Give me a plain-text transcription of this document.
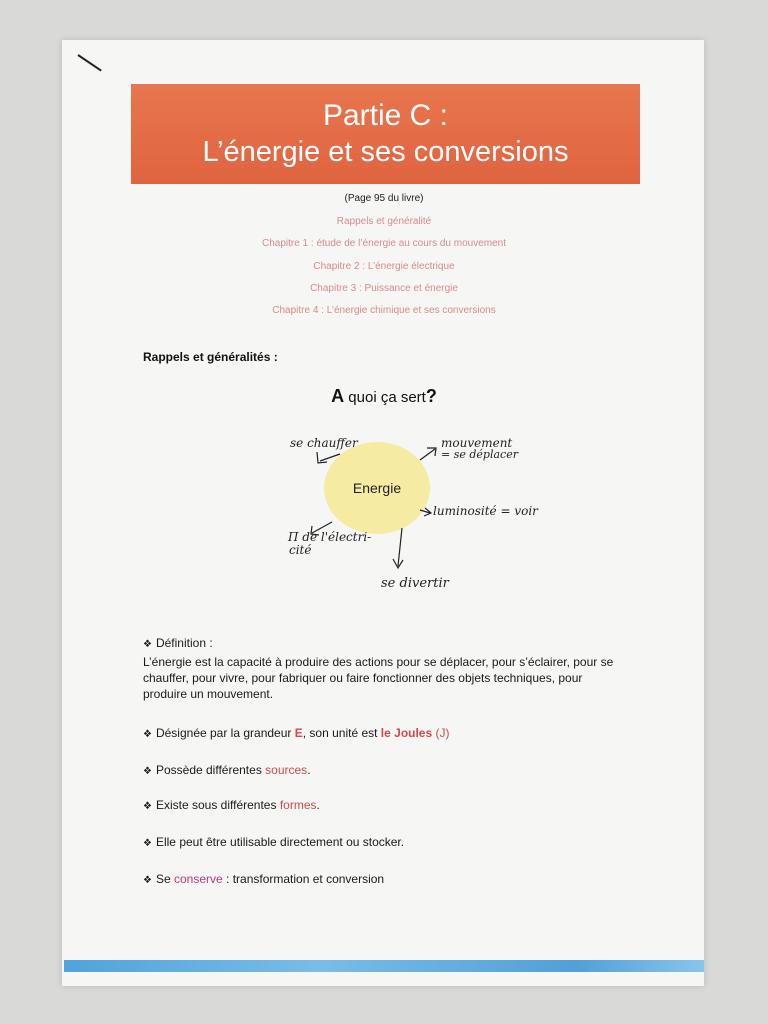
Partie C :
L’énergie et ses conversions
(Page 95 du livre)
Rappels et généralité
Chapitre 1 : étude de l’énergie au cours du mouvement
Chapitre 2 : L’énergie électrique
Chapitre 3 : Puissance et énergie
Chapitre 4 : L’énergie chimique et ses conversions
Rappels et généralités :
A quoi ça sert?
Energie
se chauffer	mouvement
= se déplacer
luminosité = voir
Π de l'électri-
cité
se divertir
❖ Définition :
L’énergie est la capacité à produire des actions pour se déplacer, pour s’éclairer, pour se
chauffer, pour vivre, pour fabriquer ou faire fonctionner des objets techniques, pour
produire un mouvement.
❖ Désignée par la grandeur E, son unité est le Joules (J)
❖ Possède différentes sources.
❖ Existe sous différentes formes.
❖ Elle peut être utilisable directement ou stocker.
❖ Se conserve : transformation et conversion
